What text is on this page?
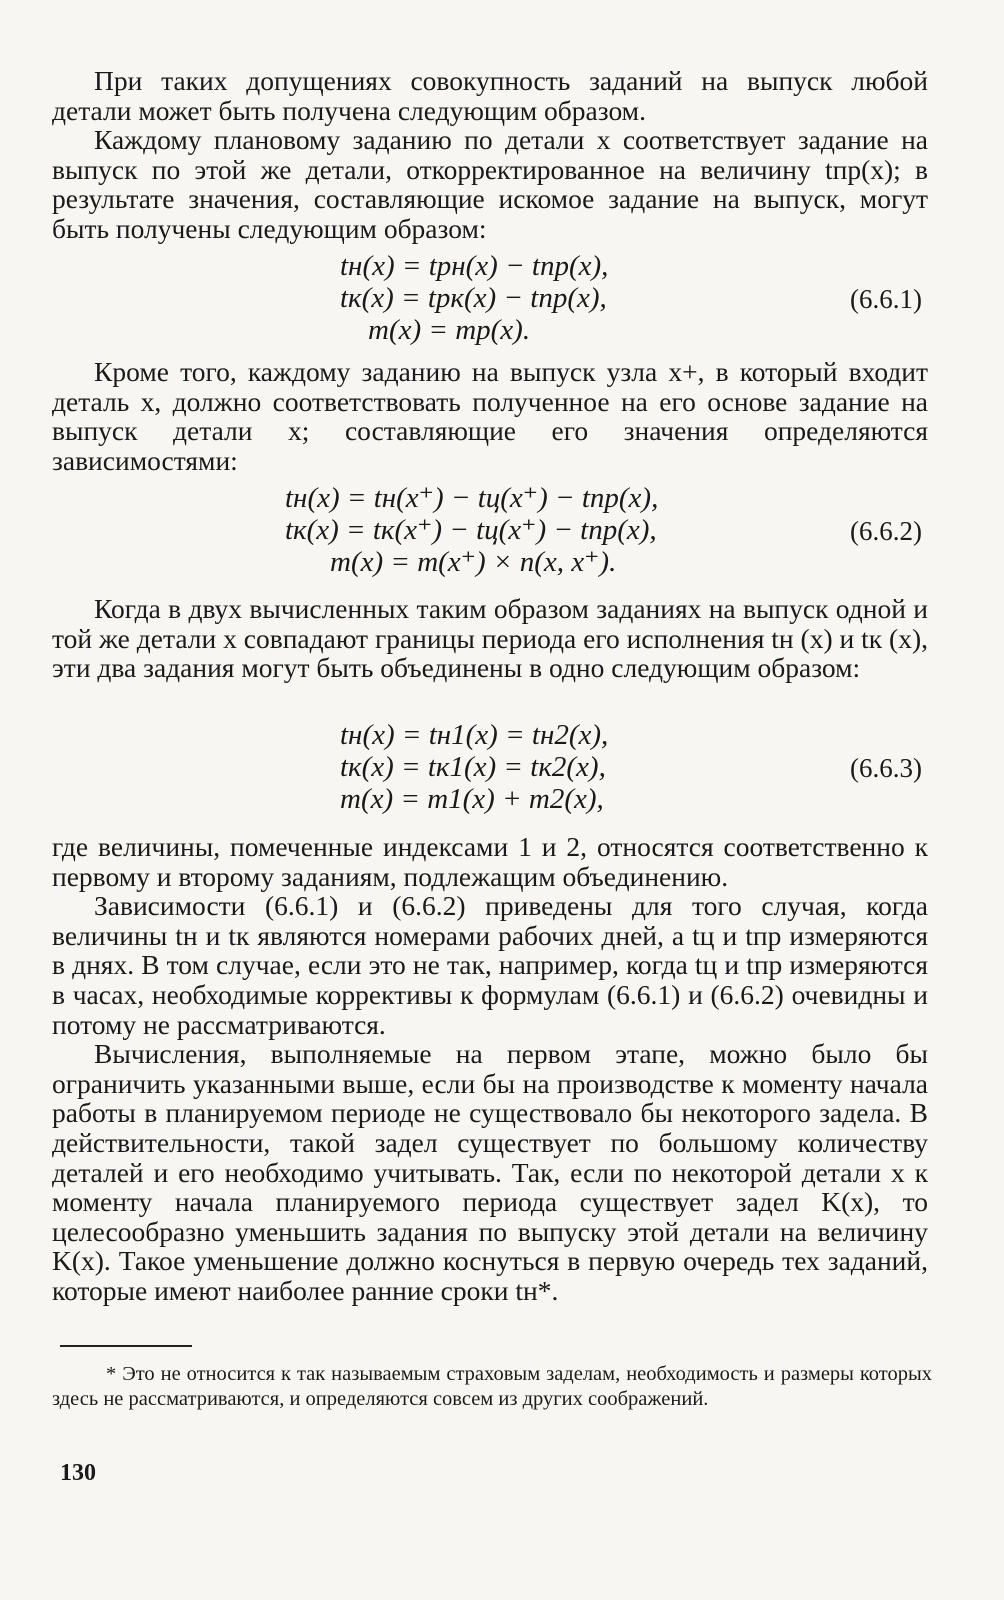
При таких допущениях совокупность заданий на выпуск любой детали может быть получена следующим образом.

Каждому плановому заданию по детали x соответствует задание на выпуск по этой же детали, откорректированное на величину tпр(x); в результате значения, составляющие искомое задание на выпуск, могут быть получены следующим образом:

tн(x) = tрн(x) − tпр(x),
tк(x) = tрк(x) − tпр(x),
m(x) = mр(x).
(6.6.1)

Кроме того, каждому заданию на выпуск узла x+, в который входит деталь x, должно соответствовать полученное на его основе задание на выпуск детали x; составляющие его значения определяются зависимостями:

tн(x) = tн(x⁺) − tц(x⁺) − tпр(x),
tк(x) = tк(x⁺) − tц(x⁺) − tпр(x),
m(x) = m(x⁺) × n(x, x⁺).
(6.6.2)

Когда в двух вычисленных таким образом заданиях на выпуск одной и той же детали х совпадают границы периода его исполнения tн (x) и tк (x), эти два задания могут быть объединены в одно следующим образом:

tн(x) = tн1(x) = tн2(x),
tк(x) = tк1(x) = tк2(x),
m(x) = m1(x) + m2(x),
(6.6.3)

где величины, помеченные индексами 1 и 2, относятся соответственно к первому и второму заданиям, подлежащим объединению.

Зависимости (6.6.1) и (6.6.2) приведены для того случая, когда величины tн и tк являются номерами рабочих дней, а tц и tпр измеряются в днях. В том случае, если это не так, например, когда tц и tпр измеряются в часах, необходимые коррективы к формулам (6.6.1) и (6.6.2) очевидны и потому не рассматриваются.

Вычисления, выполняемые на первом этапе, можно было бы ограничить указанными выше, если бы на производстве к моменту начала работы в планируемом периоде не существовало бы некоторого задела. В действительности, такой задел существует по большому количеству деталей и его необходимо учитывать. Так, если по некоторой детали x к моменту начала планируемого периода существует задел K(x), то целесообразно уменьшить задания по выпуску этой детали на величину K(x). Такое уменьшение должно коснуться в первую очередь тех заданий, которые имеют наиболее ранние сроки tн*.

* Это не относится к так называемым страховым заделам, необходимость и размеры которых здесь не рассматриваются, и определяются совсем из других соображений.

130
